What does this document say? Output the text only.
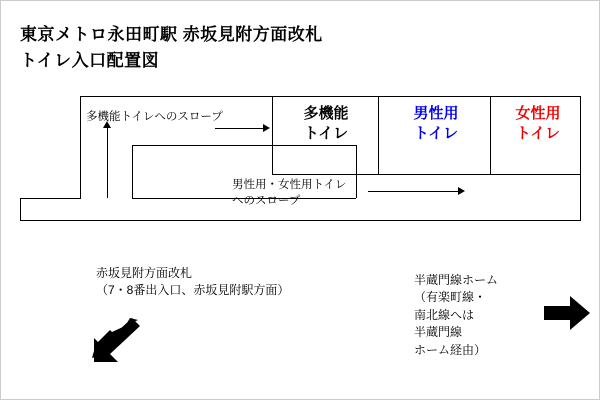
東京メトロ永田町駅 赤坂見附方面改札
トイレ入口配置図
多機能
トイレ
男性用
トイレ
女性用
トイレ
多機能トイレへのスロープ
男性用・女性用トイレ
へのスロープ
赤坂見附方面改札
（7・8番出入口、赤坂見附駅方面）
半蔵門線ホーム
（有楽町線・
南北線へは
半蔵門線
ホーム経由）
